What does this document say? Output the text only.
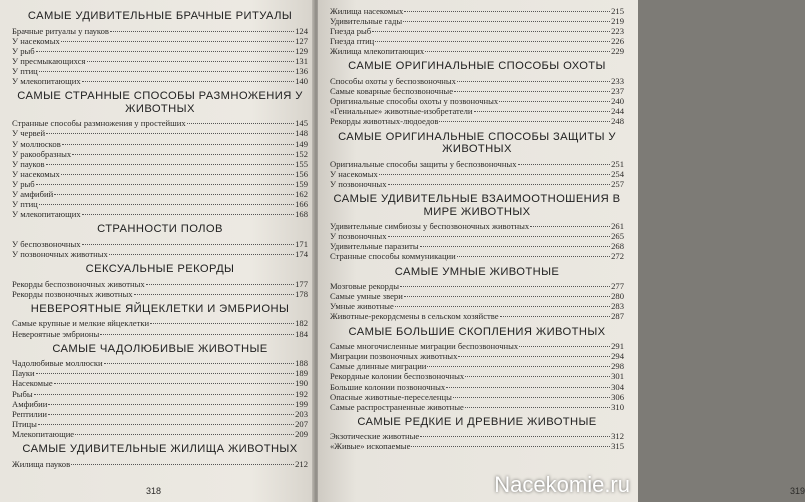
САМЫЕ УДИВИТЕЛЬНЫЕ БРАЧНЫЕ РИТУАЛЫ
Брачные ритуалы у пауков	124
У насекомых	127
У рыб	129
У пресмыкающихся	131
У птиц	136
У млекопитающих	140
САМЫЕ СТРАННЫЕ СПОСОБЫ РАЗМНОЖЕНИЯ У ЖИВОТНЫХ
Странные способы размножения у простейших	145
У червей	148
У моллюсков	149
У ракообразных	152
У пауков	155
У насекомых	156
У рыб	159
У амфибий	162
У птиц	166
У млекопитающих	168
СТРАННОСТИ ПОЛОВ
У беспозвоночных	171
У позвоночных животных	174
СЕКСУАЛЬНЫЕ РЕКОРДЫ
Рекорды беспозвоночных животных	177
Рекорды позвоночных животных	178
НЕВЕРОЯТНЫЕ ЯЙЦЕКЛЕТКИ И ЭМБРИОНЫ
Самые крупные и мелкие яйцеклетки	182
Невероятные эмбрионы	184
САМЫЕ ЧАДОЛЮБИВЫЕ ЖИВОТНЫЕ
Чадолюбивые моллюски	188
Пауки	189
Насекомые	190
Рыбы	192
Амфибии	199
Рептилии	203
Птицы	207
Млекопитающие	209
САМЫЕ УДИВИТЕЛЬНЫЕ ЖИЛИЩА ЖИВОТНЫХ
Жилища пауков	212
318
Жилища насекомых	215
Удивительные гады	219
Гнезда рыб	223
Гнезда птиц	226
Жилища млекопитающих	229
САМЫЕ ОРИГИНАЛЬНЫЕ СПОСОБЫ ОХОТЫ
Способы охоты у беспозвоночных	233
Самые коварные беспозвоночные	237
Оригинальные способы охоты у позвоночных	240
«Гениальные» животные-изобретатели	244
Рекорды животных-людоедов	248
САМЫЕ ОРИГИНАЛЬНЫЕ СПОСОБЫ ЗАЩИТЫ У ЖИВОТНЫХ
Оригинальные способы защиты у беспозвоночных	251
У насекомых	254
У позвоночных	257
САМЫЕ УДИВИТЕЛЬНЫЕ ВЗАИМООТНОШЕНИЯ В МИРЕ ЖИВОТНЫХ
Удивительные симбиозы у беспозвоночных животных	261
У позвоночных	265
Удивительные паразиты	268
Странные способы коммуникации	272
САМЫЕ УМНЫЕ ЖИВОТНЫЕ
Мозговые рекорды	277
Самые умные звери	280
Умные животные	283
Животные-рекордсмены в сельском хозяйстве	287
САМЫЕ БОЛЬШИЕ СКОПЛЕНИЯ ЖИВОТНЫХ
Самые многочисленные миграции беспозвоночных	291
Миграции позвоночных животных	294
Самые длинные миграции	298
Рекордные колонии беспозвоночных	301
Большие колонии позвоночных	304
Опасные животные-переселенцы	306
Самые распространенные животные	310
САМЫЕ РЕДКИЕ И ДРЕВНИЕ ЖИВОТНЫЕ
Экзотические животные	312
«Живые» ископаемые	315
319
Nacekomie.ru
